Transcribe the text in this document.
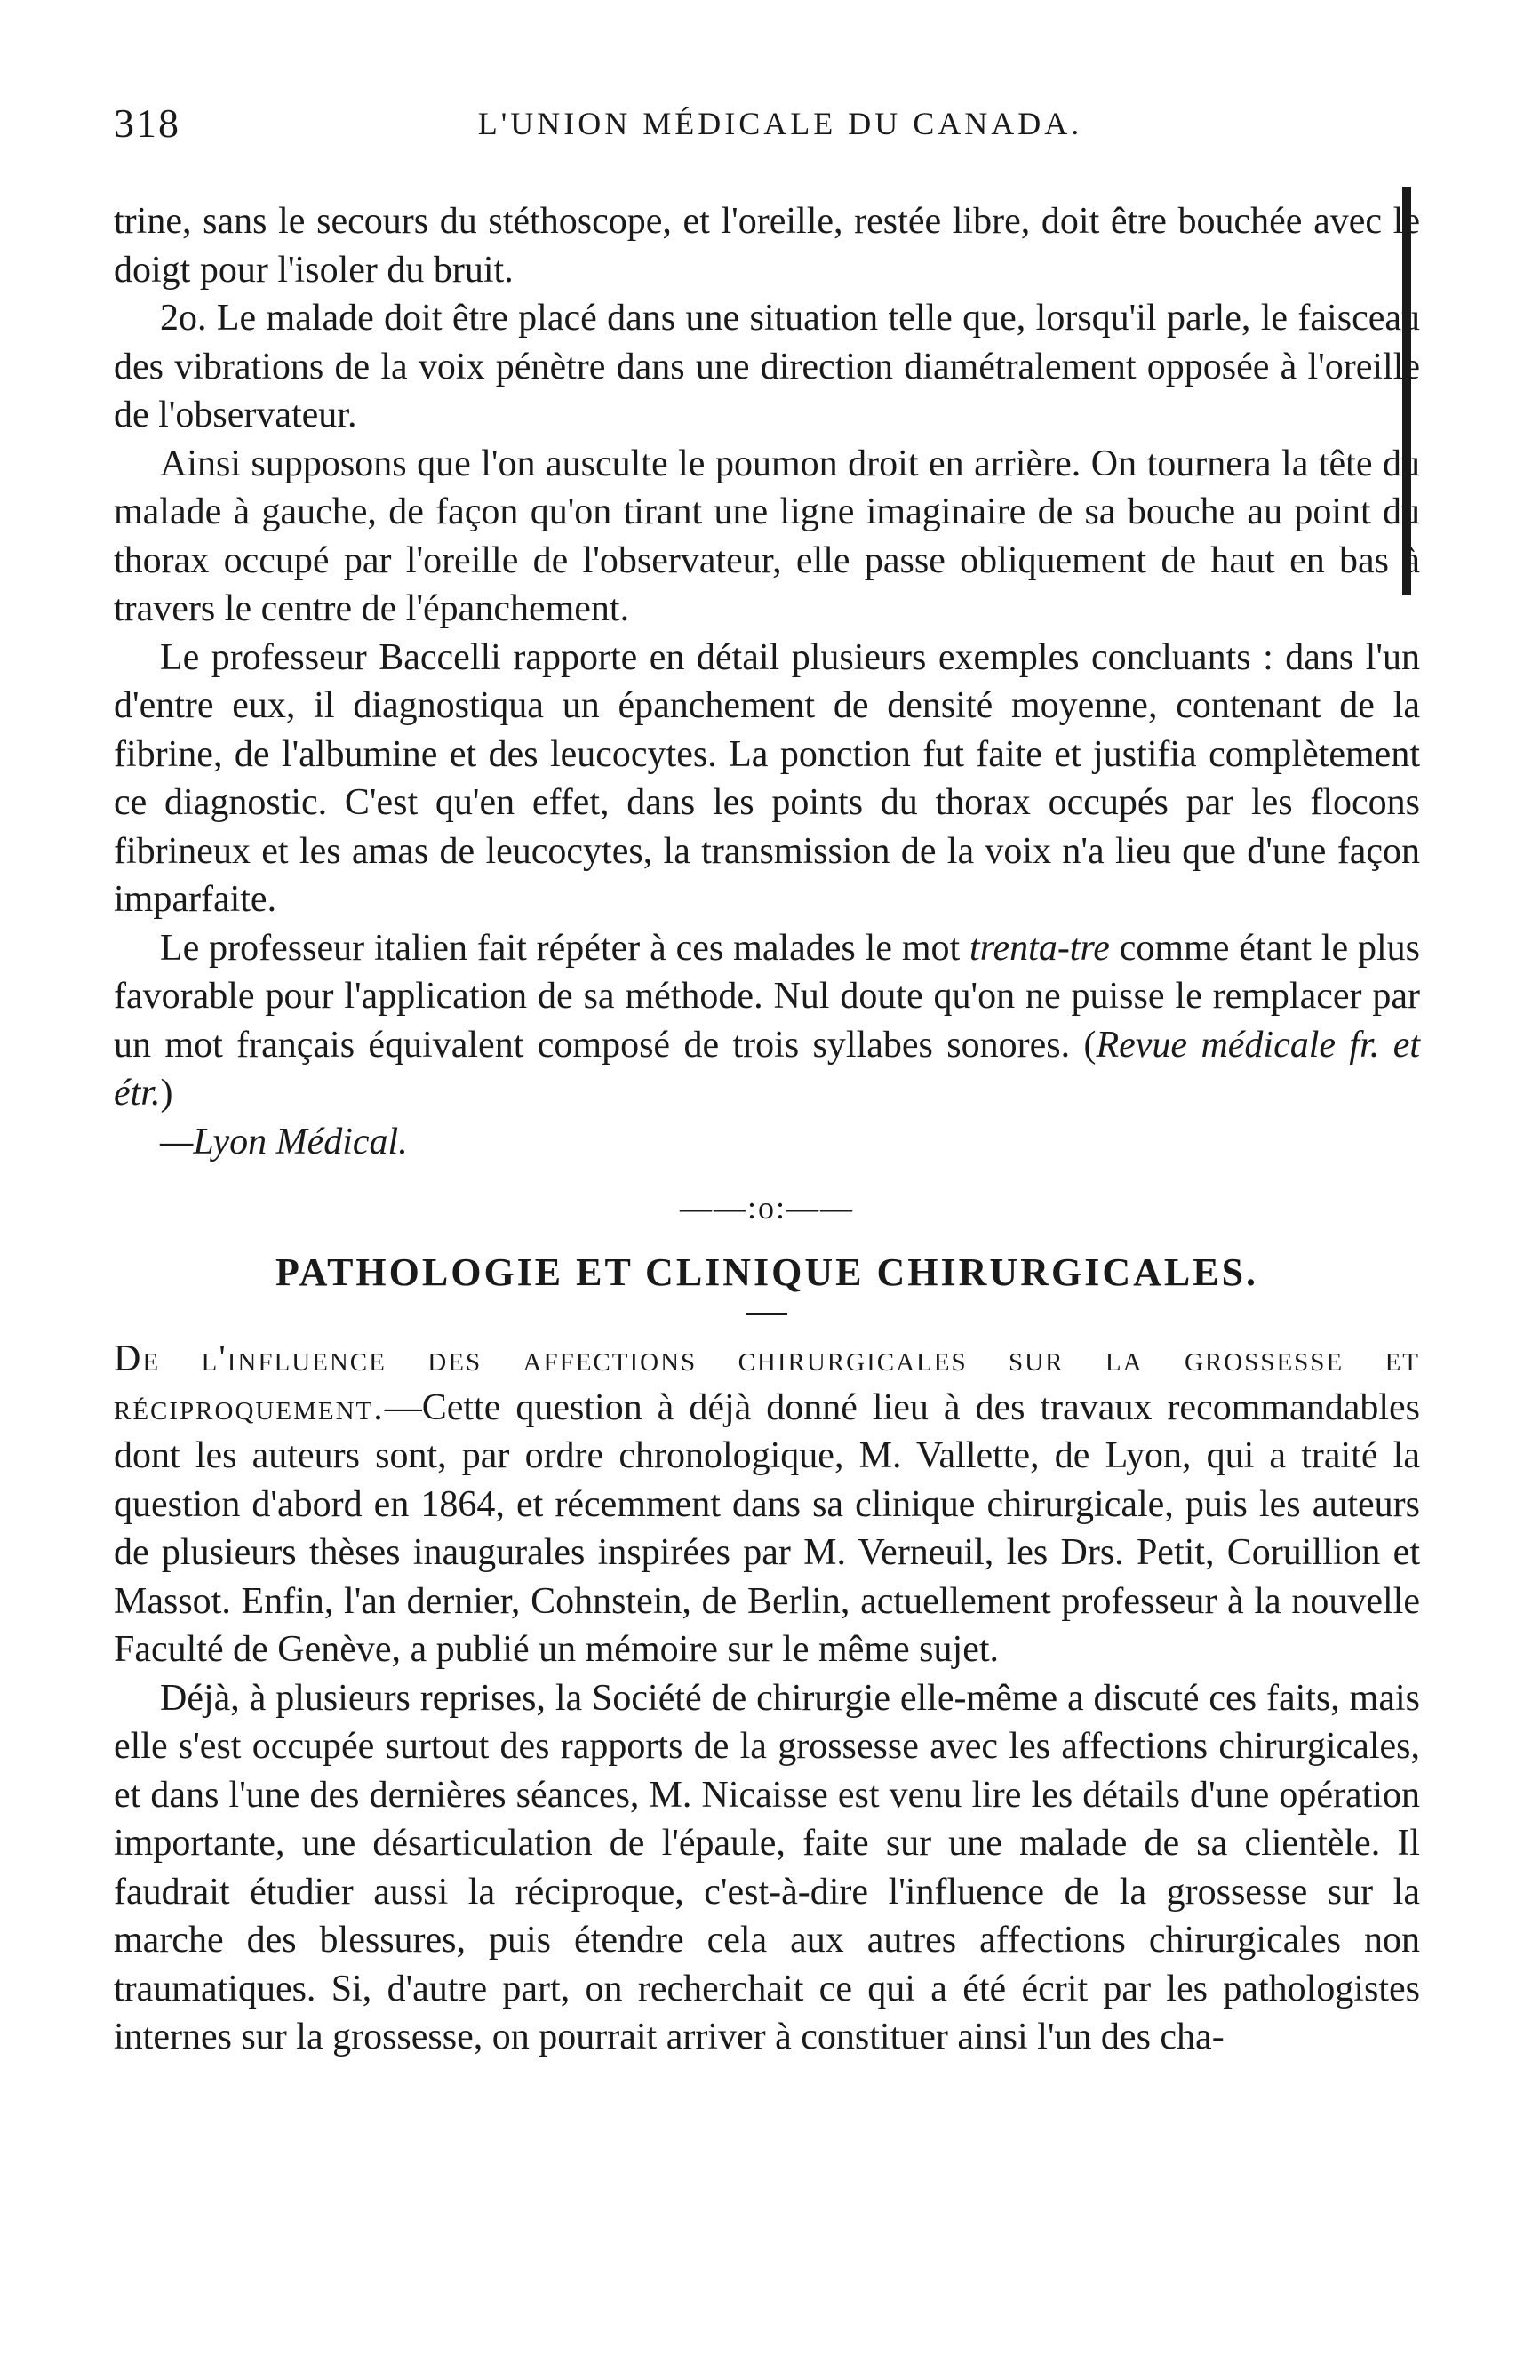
318	L'UNION MÉDICALE DU CANADA.

trine, sans le secours du stéthoscope, et l'oreille, restée libre, doit être bouchée avec le doigt pour l'isoler du bruit.

2o. Le malade doit être placé dans une situation telle que, lorsqu'il parle, le faisceau des vibrations de la voix pénètre dans une direction diamétralement opposée à l'oreille de l'observateur.

Ainsi supposons que l'on ausculte le poumon droit en arrière. On tournera la tête du malade à gauche, de façon qu'on tirant une ligne imaginaire de sa bouche au point du thorax occupé par l'oreille de l'observateur, elle passe obliquement de haut en bas à travers le centre de l'épanchement.

Le professeur Baccelli rapporte en détail plusieurs exemples concluants : dans l'un d'entre eux, il diagnostiqua un épanchement de densité moyenne, contenant de la fibrine, de l'albumine et des leucocytes. La ponction fut faite et justifia complètement ce diagnostic. C'est qu'en effet, dans les points du thorax occupés par les flocons fibrineux et les amas de leucocytes, la transmission de la voix n'a lieu que d'une façon imparfaite.

Le professeur italien fait répéter à ces malades le mot trenta-tre comme étant le plus favorable pour l'application de sa méthode. Nul doute qu'on ne puisse le remplacer par un mot français équivalent composé de trois syllabes sonores. (Revue médicale fr. et étr.)

—Lyon Médical.

——:o:——
PATHOLOGIE ET CLINIQUE CHIRURGICALES.

De l'influence des affections chirurgicales sur la grossesse et réciproquement.—Cette question à déjà donné lieu à des travaux recommandables dont les auteurs sont, par ordre chronologique, M. Vallette, de Lyon, qui a traité la question d'abord en 1864, et récemment dans sa clinique chirurgicale, puis les auteurs de plusieurs thèses inaugurales inspirées par M. Verneuil, les Drs. Petit, Coruillion et Massot. Enfin, l'an dernier, Cohnstein, de Berlin, actuellement professeur à la nouvelle Faculté de Genève, a publié un mémoire sur le même sujet.

Déjà, à plusieurs reprises, la Société de chirurgie elle-même a discuté ces faits, mais elle s'est occupée surtout des rapports de la grossesse avec les affections chirurgicales, et dans l'une des dernières séances, M. Nicaisse est venu lire les détails d'une opération importante, une désarticulation de l'épaule, faite sur une malade de sa clientèle. Il faudrait étudier aussi la réciproque, c'est-à-dire l'influence de la grossesse sur la marche des blessures, puis étendre cela aux autres affections chirurgicales non traumatiques. Si, d'autre part, on recherchait ce qui a été écrit par les pathologistes internes sur la grossesse, on pourrait arriver à constituer ainsi l'un des cha-
